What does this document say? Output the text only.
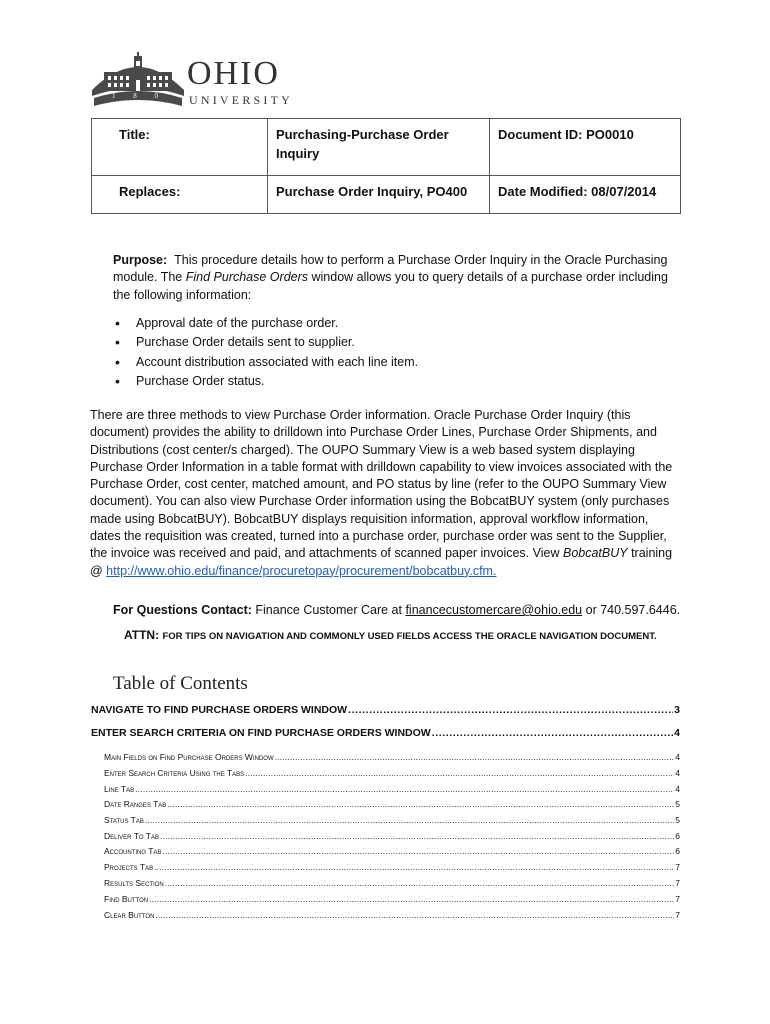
1 8 0 4
OHIO
UNIVERSITY
Title:	Purchasing-Purchase Order Inquiry	Document ID: PO0010
Replaces:	Purchase Order Inquiry, PO400	Date Modified: 08/07/2014
Purpose: This procedure details how to perform a Purchase Order Inquiry in the Oracle Purchasing module. The Find Purchase Orders window allows you to query details of a purchase order including the following information:
• Approval date of the purchase order.
• Purchase Order details sent to supplier.
• Account distribution associated with each line item.
• Purchase Order status.
There are three methods to view Purchase Order information. Oracle Purchase Order Inquiry (this document) provides the ability to drilldown into Purchase Order Lines, Purchase Order Shipments, and Distributions (cost center/s charged). The OUPO Summary View is a web based system displaying Purchase Order Information in a table format with drilldown capability to view invoices associated with the Purchase Order, cost center, matched amount, and PO status by line (refer to the OUPO Summary View document). You can also view Purchase Order information using the BobcatBUY system (only purchases made using BobcatBUY). BobcatBUY displays requisition information, approval workflow information, dates the requisition was created, turned into a purchase order, purchase order was sent to the Supplier, the invoice was received and paid, and attachments of scanned paper invoices. View BobcatBUY training @ http://www.ohio.edu/finance/procuretopay/procurement/bobcatbuy.cfm.
For Questions Contact: Finance Customer Care at financecustomercare@ohio.edu or 740.597.6446.
ATTN: FOR TIPS ON NAVIGATION AND COMMONLY USED FIELDS ACCESS THE ORACLE NAVIGATION DOCUMENT.
Table of Contents
NAVIGATE TO FIND PURCHASE ORDERS WINDOW .....	3
ENTER SEARCH CRITERIA ON FIND PURCHASE ORDERS WINDOW .....	4
Main Fields on Find Purchase Orders Window .....	4
Enter Search Criteria Using the Tabs .....	4
Line Tab .....	4
Date Ranges Tab .....	5
Status Tab .....	5
Deliver To Tab .....	6
Accounting Tab .....	6
Projects Tab .....	7
Results Section .....	7
Find Button .....	7
Clear Button .....	7
